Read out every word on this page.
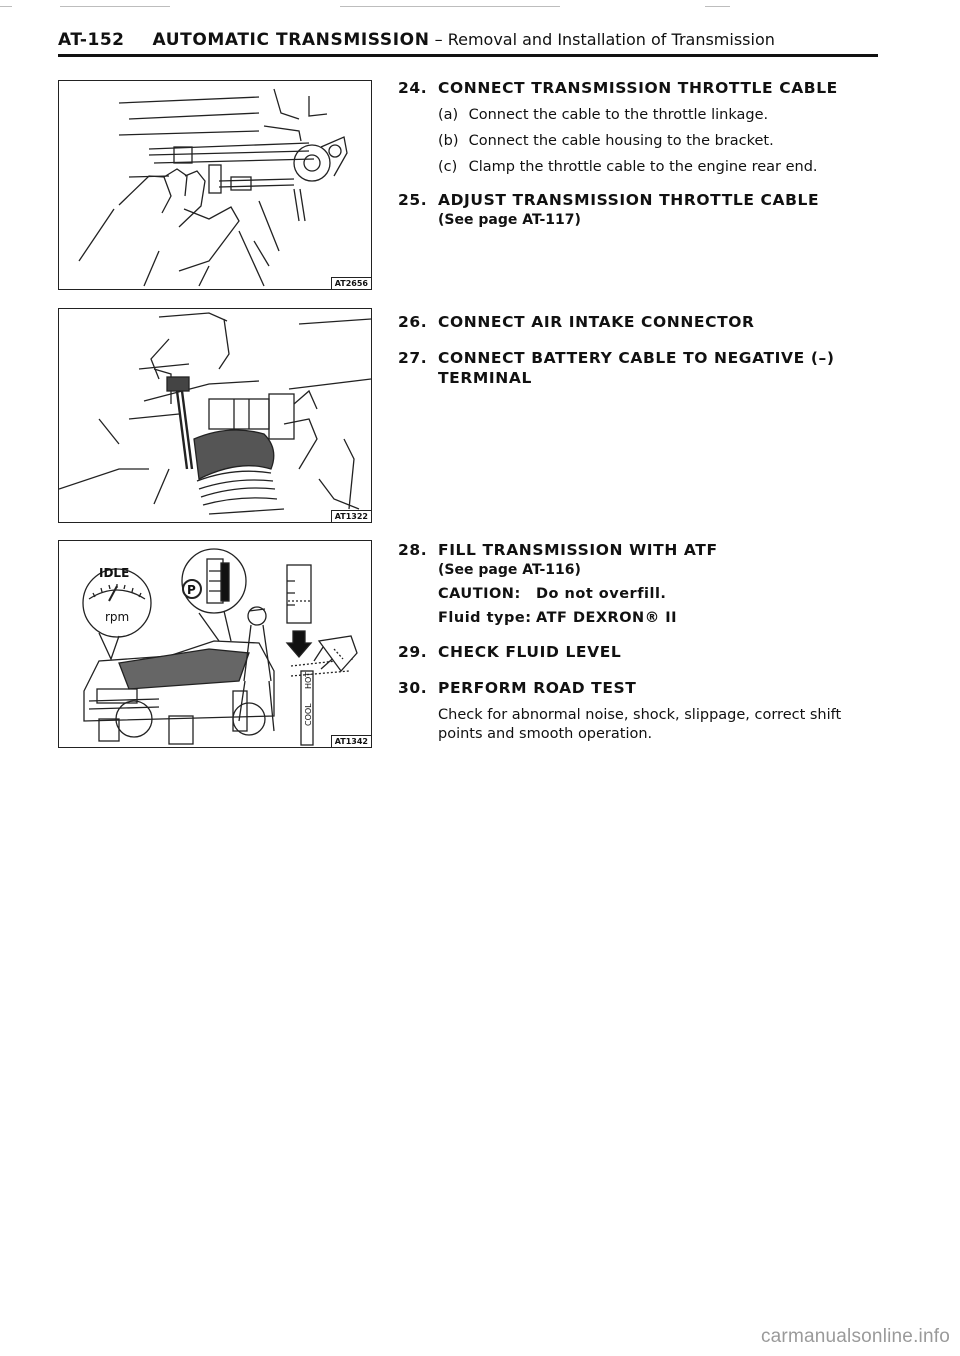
AT-152 AUTOMATIC TRANSMISSION – Removal and Installation of Transmission
AT2656
AT1322
IDLE
rpm
P
HOT
COOL
AT1342
24. CONNECT TRANSMISSION THROTTLE CABLE
(a) Connect the cable to the throttle linkage.
(b) Connect the cable housing to the bracket.
(c) Clamp the throttle cable to the engine rear end.
25. ADJUST TRANSMISSION THROTTLE CABLE
(See page AT-117)
26. CONNECT AIR INTAKE CONNECTOR
27. CONNECT BATTERY CABLE TO NEGATIVE (–)
TERMINAL
28. FILL TRANSMISSION WITH ATF
(See page AT-116)
CAUTION: Do not overfill.
Fluid type: ATF DEXRON® II
29. CHECK FLUID LEVEL
30. PERFORM ROAD TEST
Check for abnormal noise, shock, slippage, correct shift points and smooth operation.
carmanualsonline.info
